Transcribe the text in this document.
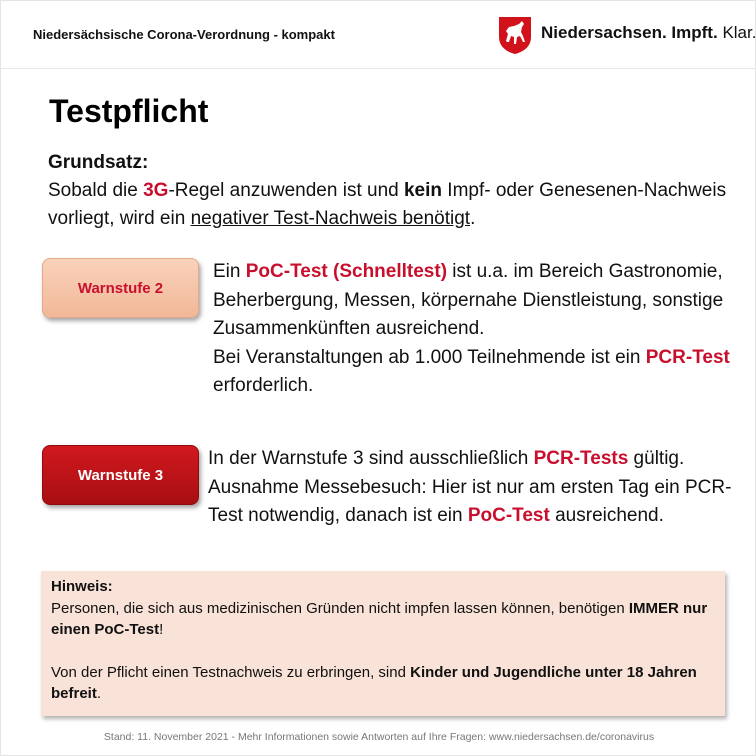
Niedersächsische Corona-Verordnung - kompakt	Niedersachsen. Impft. Klar.
Testpflicht
Grundsatz:
Sobald die 3G-Regel anzuwenden ist und kein Impf- oder Genesenen-Nachweis vorliegt, wird ein negativer Test-Nachweis benötigt.
Warnstufe 2
Ein PoC-Test (Schnelltest) ist u.a. im Bereich Gastronomie, Beherbergung, Messen, körpernahe Dienstleistung, sonstige Zusammenkünften ausreichend.
Bei Veranstaltungen ab 1.000 Teilnehmende ist ein PCR-Test erforderlich.
Warnstufe 3
In der Warnstufe 3 sind ausschließlich PCR-Tests gültig. Ausnahme Messebesuch: Hier ist nur am ersten Tag ein PCR-Test notwendig, danach ist ein PoC-Test ausreichend.
Hinweis:
Personen, die sich aus medizinischen Gründen nicht impfen lassen können, benötigen IMMER nur einen PoC-Test!
Von der Pflicht einen Testnachweis zu erbringen, sind Kinder und Jugendliche unter 18 Jahren befreit.
Stand: 11. November 2021 - Mehr Informationen sowie Antworten auf Ihre Fragen: www.niedersachsen.de/coronavirus
